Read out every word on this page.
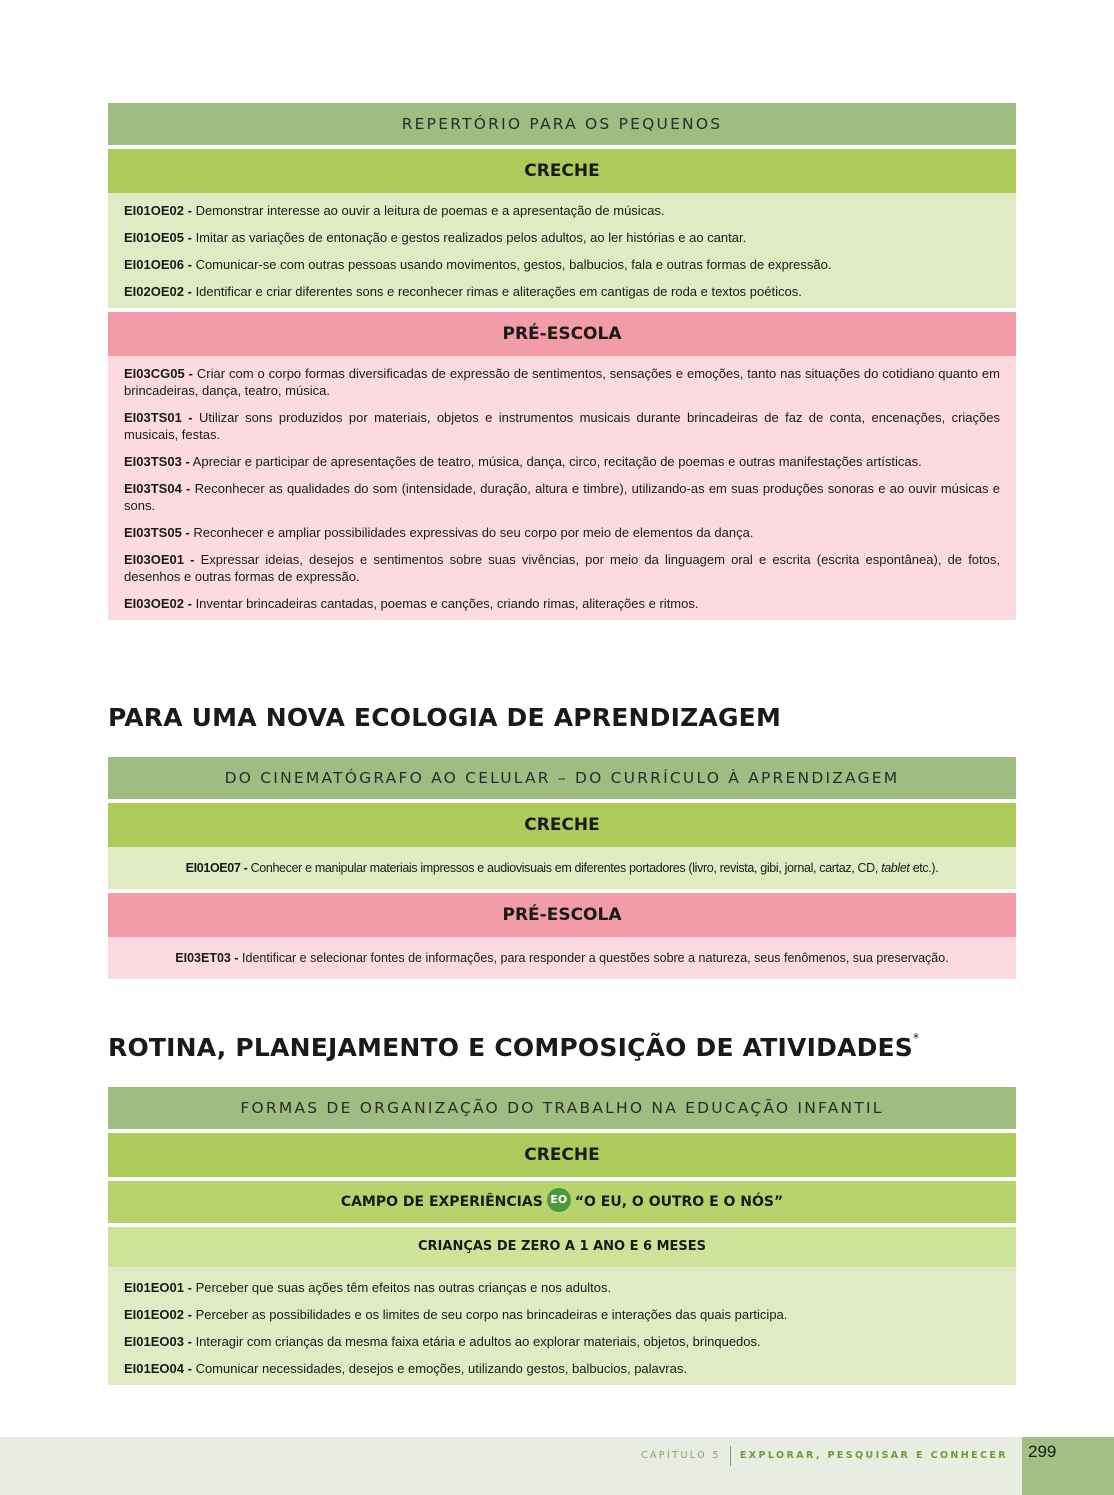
REPERTÓRIO PARA OS PEQUENOS
CRECHE

EI01OE02 - Demonstrar interesse ao ouvir a leitura de poemas e a apresentação de músicas.

EI01OE05 - Imitar as variações de entonação e gestos realizados pelos adultos, ao ler histórias e ao cantar.

EI01OE06 - Comunicar-se com outras pessoas usando movimentos, gestos, balbucios, fala e outras formas de expressão.

EI02OE02 - Identificar e criar diferentes sons e reconhecer rimas e aliterações em cantigas de roda e textos poéticos.

PRÉ-ESCOLA

EI03CG05 - Criar com o corpo formas diversificadas de expressão de sentimentos, sensações e emoções, tanto nas situações do cotidiano quanto em brincadeiras, dança, teatro, música.

EI03TS01 - Utilizar sons produzidos por materiais, objetos e instrumentos musicais durante brincadeiras de faz de conta, encenações, criações musicais, festas.

EI03TS03 - Apreciar e participar de apresentações de teatro, música, dança, circo, recitação de poemas e outras manifestações artísticas.

EI03TS04 - Reconhecer as qualidades do som (intensidade, duração, altura e timbre), utilizando-as em suas produções sonoras e ao ouvir músicas e sons.

EI03TS05 - Reconhecer e ampliar possibilidades expressivas do seu corpo por meio de elementos da dança.

EI03OE01 - Expressar ideias, desejos e sentimentos sobre suas vivências, por meio da linguagem oral e escrita (escrita espontânea), de fotos, desenhos e outras formas de expressão.

EI03OE02 - Inventar brincadeiras cantadas, poemas e canções, criando rimas, aliterações e ritmos.

PARA UMA NOVA ECOLOGIA DE APRENDIZAGEM
DO CINEMATÓGRAFO AO CELULAR – DO CURRÍCULO À APRENDIZAGEM
CRECHE
EI01OE07 - Conhecer e manipular materiais impressos e audiovisuais em diferentes portadores (livro, revista, gibi, jornal, cartaz, CD, tablet etc.).
PRÉ-ESCOLA
EI03ET03 - Identificar e selecionar fontes de informações, para responder a questões sobre a natureza, seus fenômenos, sua preservação.
ROTINA, PLANEJAMENTO E COMPOSIÇÃO DE ATIVIDADES*
FORMAS DE ORGANIZAÇÃO DO TRABALHO NA EDUCAÇÃO INFANTIL
CRECHE
CAMPO DE EXPERIÊNCIAS EO “O EU, O OUTRO E O NÓS”
CRIANÇAS DE ZERO A 1 ANO E 6 MESES

EI01EO01 - Perceber que suas ações têm efeitos nas outras crianças e nos adultos.

EI01EO02 - Perceber as possibilidades e os limites de seu corpo nas brincadeiras e interações das quais participa.

EI01EO03 - Interagir com crianças da mesma faixa etária e adultos ao explorar materiais, objetos, brinquedos.

EI01EO04 - Comunicar necessidades, desejos e emoções, utilizando gestos, balbucios, palavras.

CAPÍTULO 5 EXPLORAR, PESQUISAR E CONHECER	299
